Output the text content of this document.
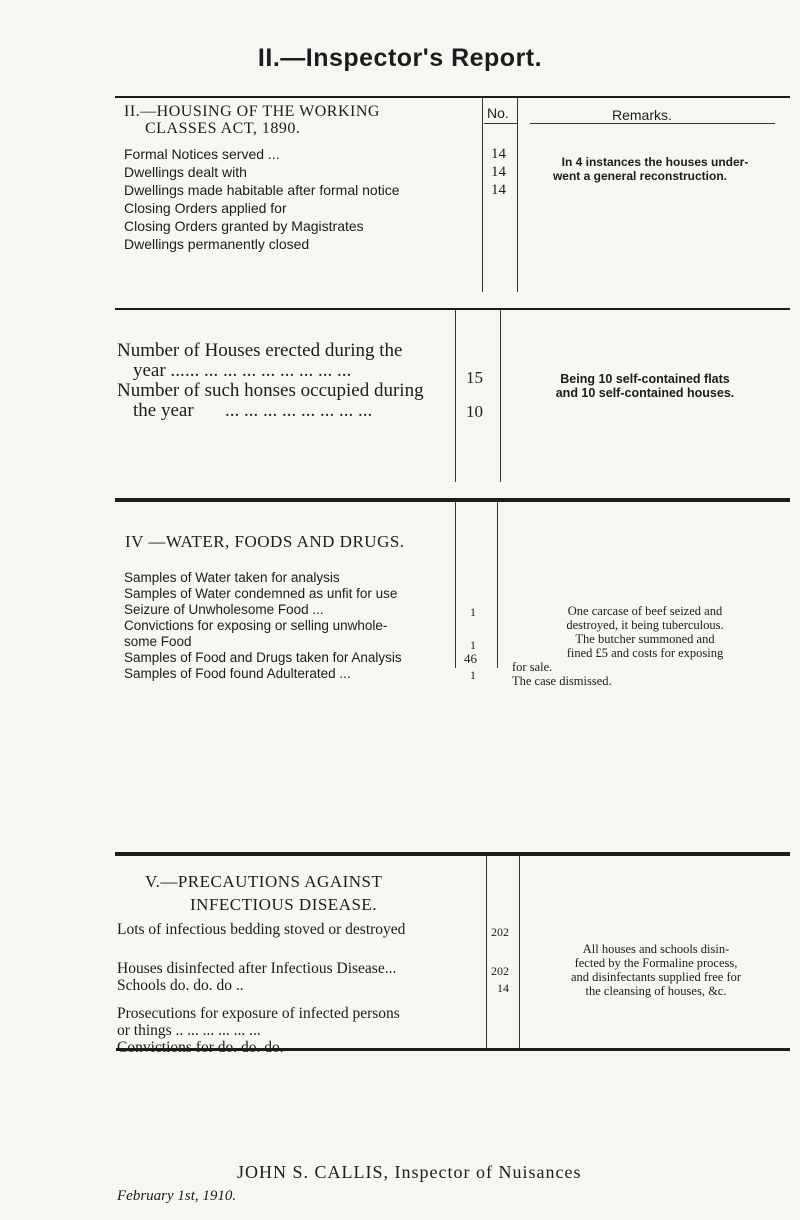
II.—Inspector's Report.
II.—HOUSING OF THE WORKING
CLASSES ACT, 1890.
No.	Remarks.
Formal Notices served ...
Dwellings dealt with
Dwellings made habitable after formal notice
Closing Orders applied for
Closing Orders granted by Magistrates
Dwellings permanently closed
14
14
14
In 4 instances the houses under-
went a general reconstruction.
Number of Houses erected during the
year ... ... ... ... ... ... ... ... ... ...
Number of such honses occupied during
the year ... ... ... ... ... ... ... ...
15
10
Being 10 self-contained flats
and 10 self-contained houses.
IV —WATER, FOODS AND DRUGS.
Samples of Water taken for analysis
Samples of Water condemned as unfit for use
Seizure of Unwholesome Food ...
Convictions for exposing or selling unwhole-
some Food
Samples of Food and Drugs taken for Analysis
Samples of Food found Adulterated ...
1
1
46
1
One carcase of beef seized and
destroyed, it being tuberculous.
The butcher summoned and
fined £5 and costs for exposing
for sale.
The case dismissed.
V.—PRECAUTIONS AGAINST
INFECTIOUS DISEASE.
Lots of infectious bedding stoved or destroyed
Houses disinfected after Infectious Disease...
Schools do. do. do ..
Prosecutions for exposure of infected persons
or things .. ... ... ... ... ...
Convictions for do. do. do.
202
202
14
All houses and schools disin-
fected by the Formaline process,
and disinfectants supplied free for
the cleansing of houses, &c.
JOHN S. CALLIS, Inspector of Nuisances
February 1st, 1910.
